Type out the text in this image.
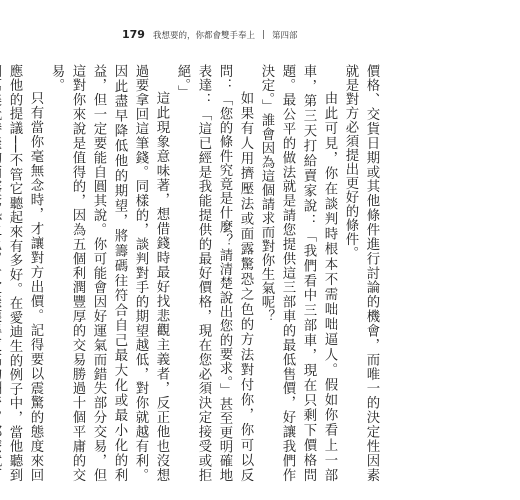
179 我想要的，你都會雙手奉上 第四部

價格、交貨日期或其他條件進行討論的機會，而唯一的決定性因素就是對方必須提出更好的條件。

由此可見，你在談判時根本不需咄咄逼人。假如你看上一部車，第三天打給賣家說：「我們看中三部車，現在只剩下價格問題。最公平的做法就是請您提供這三部車的最低售價，好讓我們作決定。」誰會因為這個請求而對你生氣呢？

如果有人用擠壓法或面露驚恐之色的方法對付你，你可以反問：「您的條件究竟是什麼？請清楚說出您的要求。」甚至更明確地表達：「這已經是我能提供的最好價格，現在您必須決定接受或拒絕。」

這此現象意味著，想借錢時最好找悲觀主義者，反正他也沒想過要拿回這筆錢。同樣的，談判對手的期望越低，對你就越有利。因此盡早降低他的期望，將籌碼往符合自己最大化或最小化的利益，但一定要能自圓其說。你可能會因好運氣而錯失部分交易，但這對你來說是值得的，因為五個利潤豐厚的交易勝過十個平庸的交易。

只有當你毫無念時，才讓對方出價。記得要以震驚的態度來回應他的提議──不管它聽起來有多好。在愛迪生的例子中，當他聽到
